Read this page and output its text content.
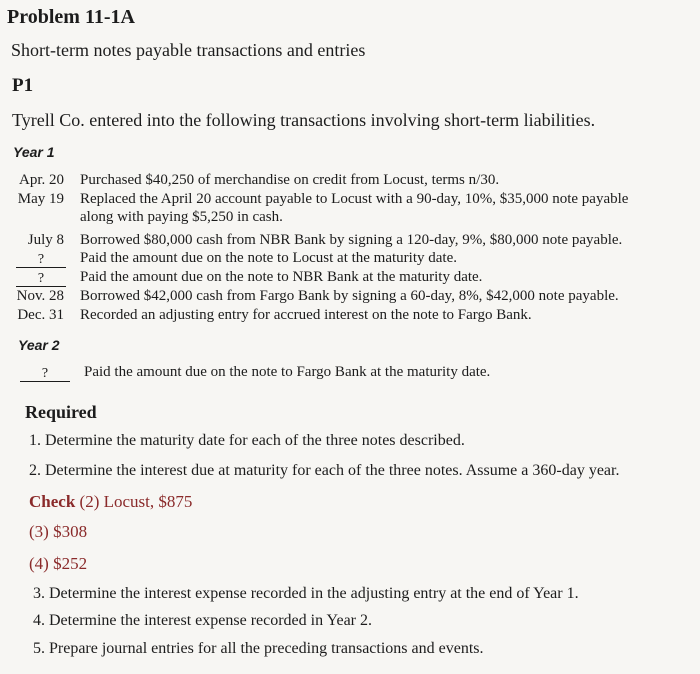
Problem 11-1A
Short-term notes payable transactions and entries
P1
Tyrell Co. entered into the following transactions involving short-term liabilities.
Year 1
Apr. 20 Purchased $40,250 of merchandise on credit from Locust, terms n/30.
May 19 Replaced the April 20 account payable to Locust with a 90-day, 10%, $35,000 note payable
along with paying $5,250 in cash.
July 8 Borrowed $80,000 cash from NBR Bank by signing a 120-day, 9%, $80,000 note payable.
?	Paid the amount due on the note to Locust at the maturity date.
?	Paid the amount due on the note to NBR Bank at the maturity date.
Nov. 28 Borrowed $42,000 cash from Fargo Bank by signing a 60-day, 8%, $42,000 note payable.
Dec. 31 Recorded an adjusting entry for accrued interest on the note to Fargo Bank.
Year 2
?	Paid the amount due on the note to Fargo Bank at the maturity date.
Required
1. Determine the maturity date for each of the three notes described.
2. Determine the interest due at maturity for each of the three notes. Assume a 360-day year.
Check (2) Locust, $875
(3) $308
(4) $252
3. Determine the interest expense recorded in the adjusting entry at the end of Year 1.
4. Determine the interest expense recorded in Year 2.
5. Prepare journal entries for all the preceding transactions and events.
